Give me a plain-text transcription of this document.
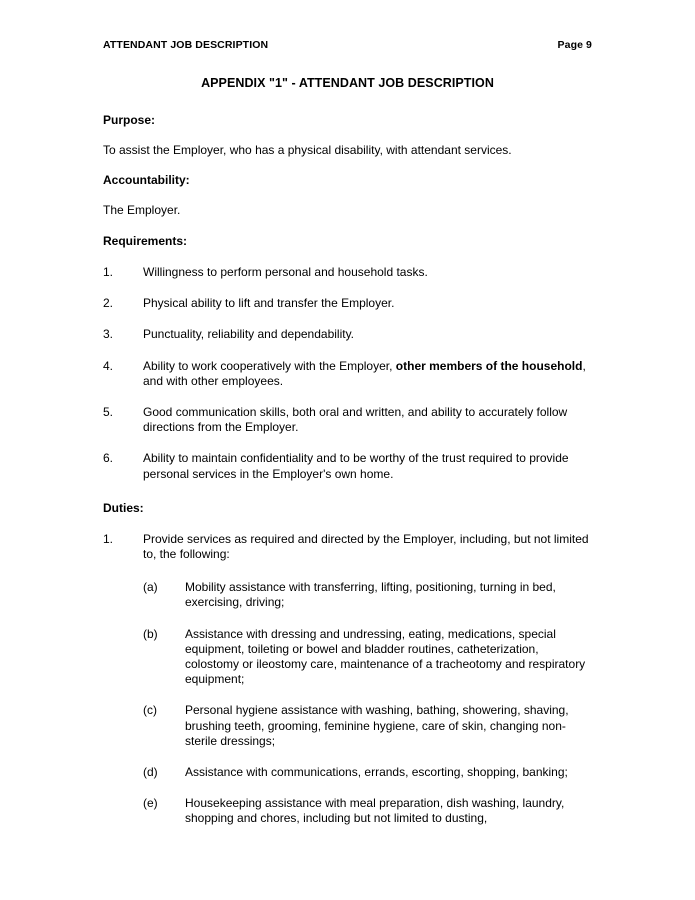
ATTENDANT JOB DESCRIPTION	Page 9
APPENDIX "1" - ATTENDANT JOB DESCRIPTION
Purpose:
To assist the Employer, who has a physical disability, with attendant services.
Accountability:
The Employer.
Requirements:
1.	Willingness to perform personal and household tasks.
2.	Physical ability to lift and transfer the Employer.
3.	Punctuality, reliability and dependability.
4.	Ability to work cooperatively with the Employer, other members of the household, and with other employees.
5.	Good communication skills, both oral and written, and ability to accurately follow directions from the Employer.
6.	Ability to maintain confidentiality and to be worthy of the trust required to provide personal services in the Employer's own home.
Duties:
1.	Provide services as required and directed by the Employer, including, but not limited to, the following:
(a)	Mobility assistance with transferring, lifting, positioning, turning in bed, exercising, driving;
(b)	Assistance with dressing and undressing, eating, medications, special equipment, toileting or bowel and bladder routines, catheterization, colostomy or ileostomy care, maintenance of a tracheotomy and respiratory equipment;
(c)	Personal hygiene assistance with washing, bathing, showering, shaving, brushing teeth, grooming, feminine hygiene, care of skin, changing non-sterile dressings;
(d)	Assistance with communications, errands, escorting, shopping, banking;
(e)	Housekeeping assistance with meal preparation, dish washing, laundry, shopping and chores, including but not limited to dusting,
